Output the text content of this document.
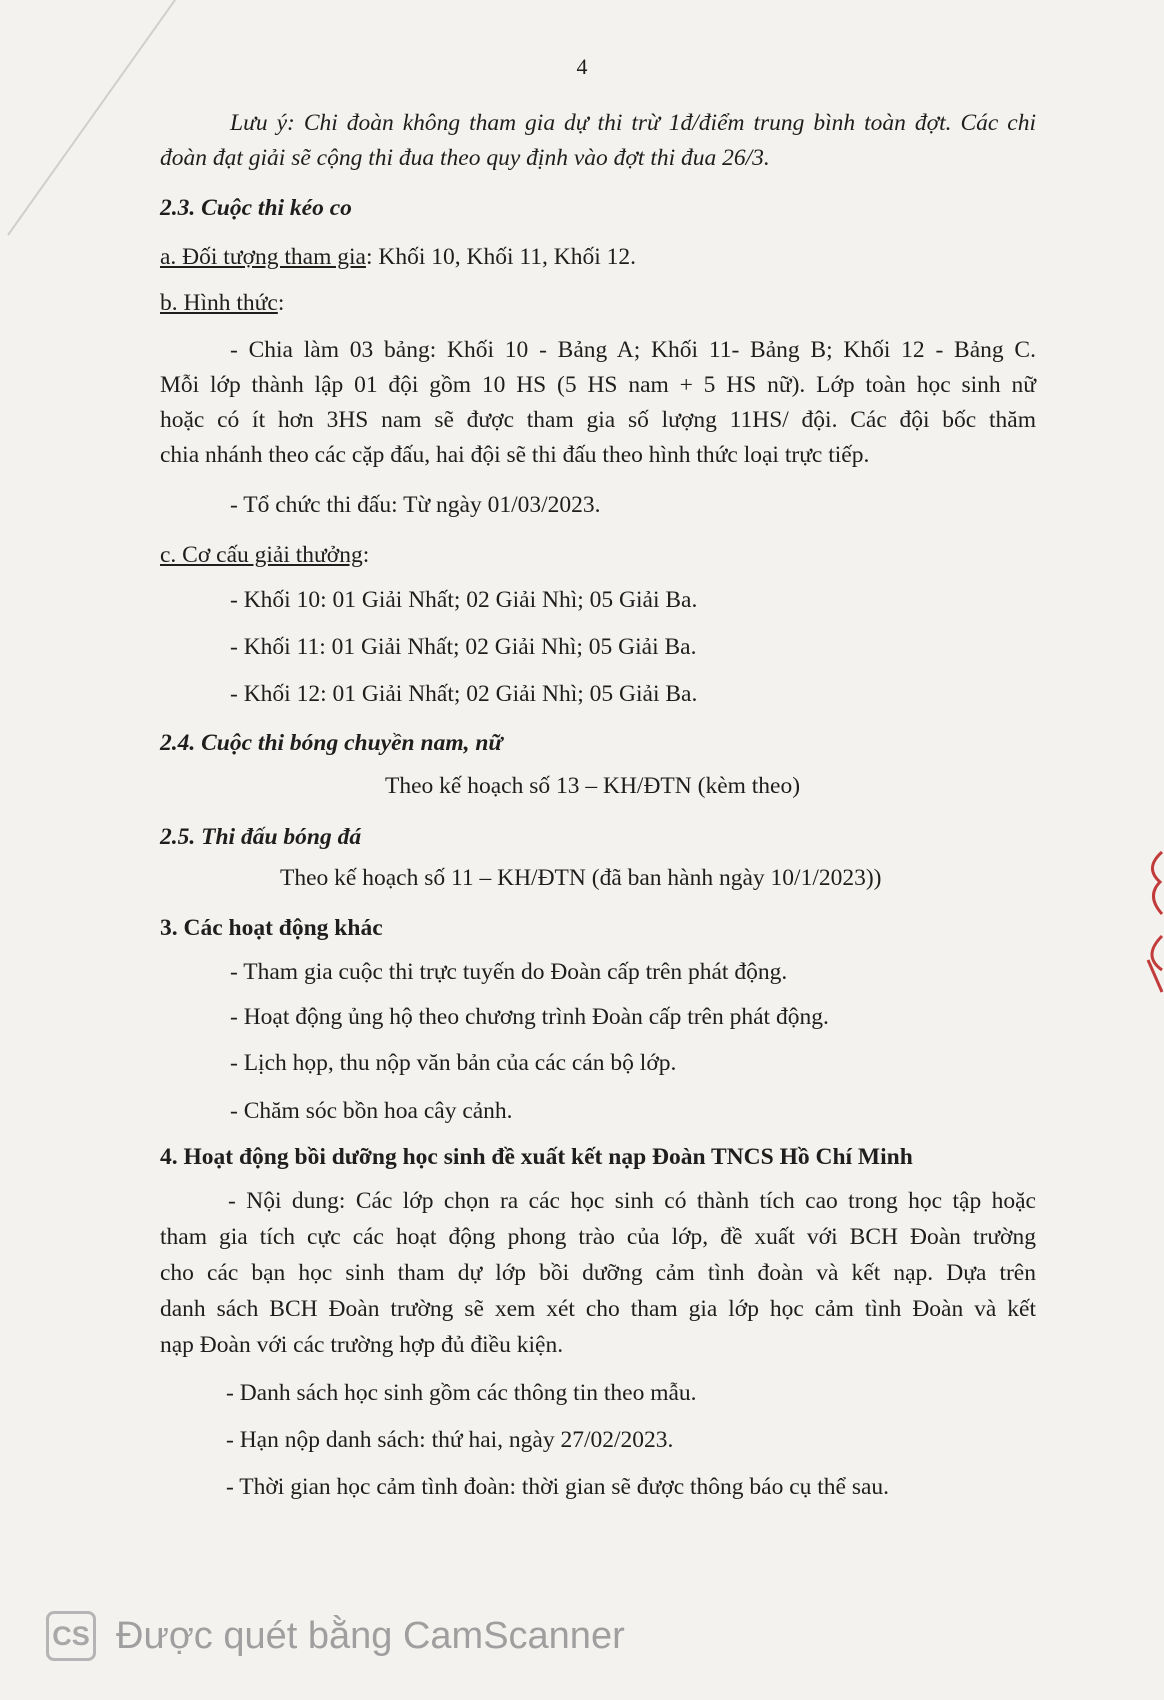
4
Lưu ý: Chi đoàn không tham gia dự thi trừ 1đ/điểm trung bình toàn đợt. Các chi
đoàn đạt giải sẽ cộng thi đua theo quy định vào đợt thi đua 26/3.
2.3. Cuộc thi kéo co
a. Đối tượng tham gia: Khối 10, Khối 11, Khối 12.
b. Hình thức:
- Chia làm 03 bảng: Khối 10 - Bảng A; Khối 11- Bảng B; Khối 12 - Bảng C.
Mỗi lớp thành lập 01 đội gồm 10 HS (5 HS nam + 5 HS nữ). Lớp toàn học sinh nữ
hoặc có ít hơn 3HS nam sẽ được tham gia số lượng 11HS/ đội. Các đội bốc thăm
chia nhánh theo các cặp đấu, hai đội sẽ thi đấu theo hình thức loại trực tiếp.
- Tổ chức thi đấu: Từ ngày 01/03/2023.
c. Cơ cấu giải thưởng:
- Khối 10: 01 Giải Nhất; 02 Giải Nhì; 05 Giải Ba.
- Khối 11: 01 Giải Nhất; 02 Giải Nhì; 05 Giải Ba.
- Khối 12: 01 Giải Nhất; 02 Giải Nhì; 05 Giải Ba.
2.4. Cuộc thi bóng chuyền nam, nữ
Theo kế hoạch số 13 – KH/ĐTN (kèm theo)
2.5. Thi đấu bóng đá
Theo kế hoạch số 11 – KH/ĐTN (đã ban hành ngày 10/1/2023))
3. Các hoạt động khác
- Tham gia cuộc thi trực tuyến do Đoàn cấp trên phát động.
- Hoạt động ủng hộ theo chương trình Đoàn cấp trên phát động.
- Lịch họp, thu nộp văn bản của các cán bộ lớp.
- Chăm sóc bồn hoa cây cảnh.
4. Hoạt động bồi dưỡng học sinh đề xuất kết nạp Đoàn TNCS Hồ Chí Minh
- Nội dung: Các lớp chọn ra các học sinh có thành tích cao trong học tập hoặc
tham gia tích cực các hoạt động phong trào của lớp, đề xuất với BCH Đoàn trường
cho các bạn học sinh tham dự lớp bồi dưỡng cảm tình đoàn và kết nạp. Dựa trên
danh sách BCH Đoàn trường sẽ xem xét cho tham gia lớp học cảm tình Đoàn và kết
nạp Đoàn với các trường hợp đủ điều kiện.
- Danh sách học sinh gồm các thông tin theo mẫu.
- Hạn nộp danh sách: thứ hai, ngày 27/02/2023.
- Thời gian học cảm tình đoàn: thời gian sẽ được thông báo cụ thể sau.
CS Được quét bằng CamScanner
